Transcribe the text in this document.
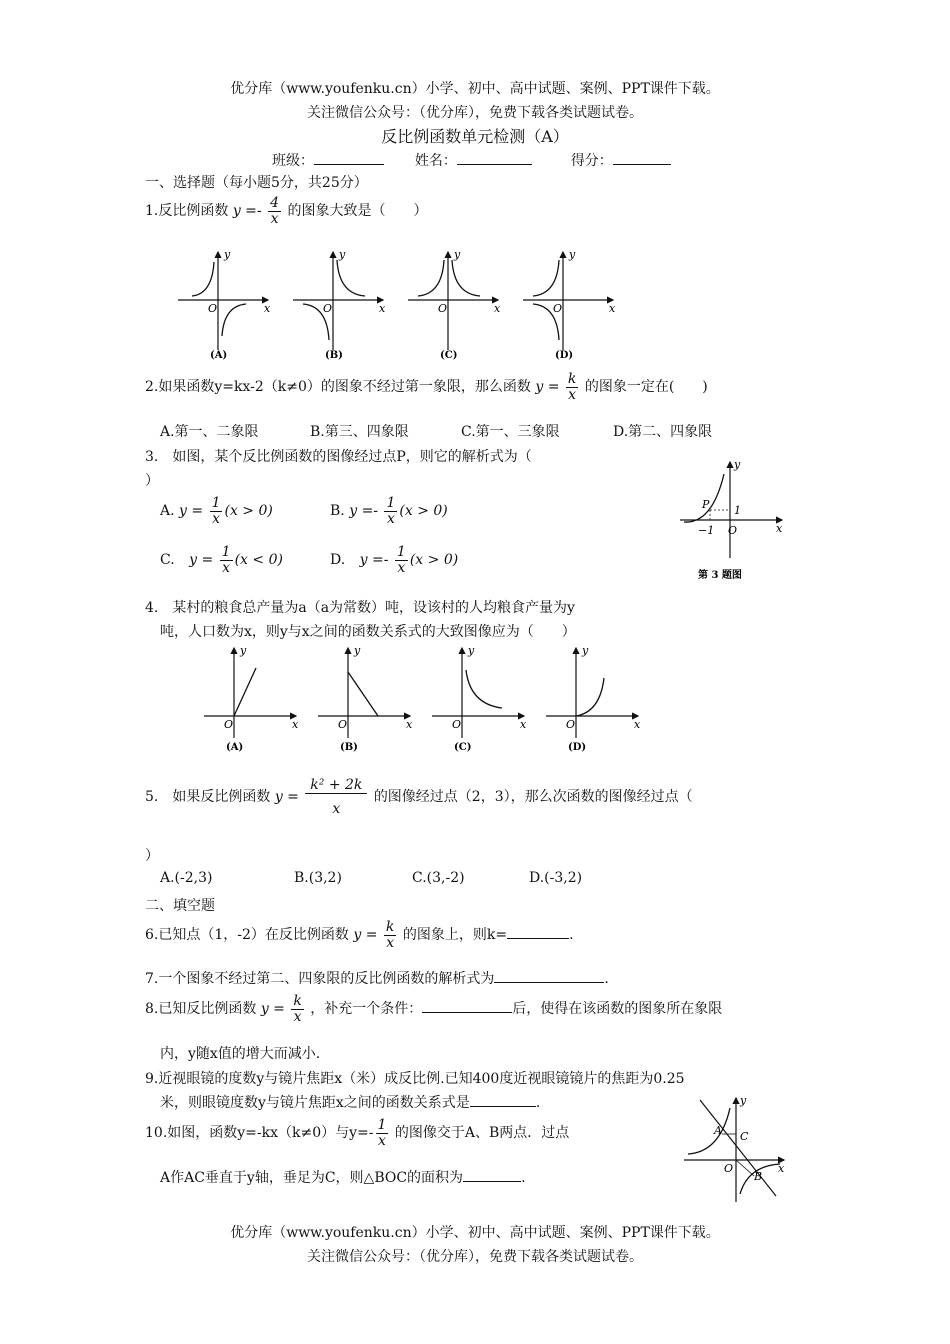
优分库（www.youfenku.cn）小学、初中、高中试题、案例、PPT课件下载。
关注微信公众号：（优分库），免费下载各类试题试卷。
反比例函数单元检测（A）
班级：	姓名：	得分：
一、选择题（每小题5分，共25分）
1.反比例函数 $y =- \frac{4}{x}$ 的图象大致是（　　）
O	x
y
(A)
O	x
y
(B)
O	x
y
(C)
O	x
y
(D)
2.如果函数y=kx-2（k≠0）的图象不经过第一象限，那么函数 $y = \frac{k}{x}$ 的图象一定在(　　)
A.第一、二象限	B.第三、四象限	C.第一、三象限	D.第二、四象限
3.　如图，某个反比例函数的图像经过点P，则它的解析式为（
）
A. $y = \frac{1}{x} (x > 0)$	B. $y =- \frac{1}{x} (x > 0)$
C. $y = \frac{1}{x} (x < 0)$	D. $y =- \frac{1}{x} (x > 0)$
P 1
−1 O	x
y
第 3 题图
4.　某村的粮食总产量为a（a为常数）吨，设该村的人均粮食产量为y
吨，人口数为x，则y与x之间的函数关系式的大致图像应为（　　）
O	x
y
(A)
O	x
y
(B)
O	x
y
(C)
O	x
y
(D)
5.　如果反比例函数 $y = \frac{\text{k² + 2k}}{x}$ 的图像经过点（2，3），那么次函数的图像经过点（
）
A.(-2,3)	B.(3,2)	C.(3,-2)	D.(-3,2)
二、填空题
6.已知点（1，-2）在反比例函数 $y = \frac{k}{x}$ 的图象上，则k=	.
7.一个图象不经过第二、四象限的反比例函数的解析式为	.
8.已知反比例函数 $y = \frac{k}{x}$ ，补充一个条件：	后，使得在该函数的图象所在象限
内，y随x值的增大而减小.
9.近视眼镜的度数y与镜片焦距x（米）成反比例.已知400度近视眼镜镜片的焦距为0.25
米，则眼镜度数y与镜片焦距x之间的函数关系式是	.
10.如图，函数y=-kx（k≠0）与$y=- \frac{1}{x}$ 的图像交于A、B两点．过点
A作AC垂直于y轴，垂足为C，则△BOC的面积为	.
A C
O
B
x
y
优分库（www.youfenku.cn）小学、初中、高中试题、案例、PPT课件下载。
关注微信公众号：（优分库），免费下载各类试题试卷。
